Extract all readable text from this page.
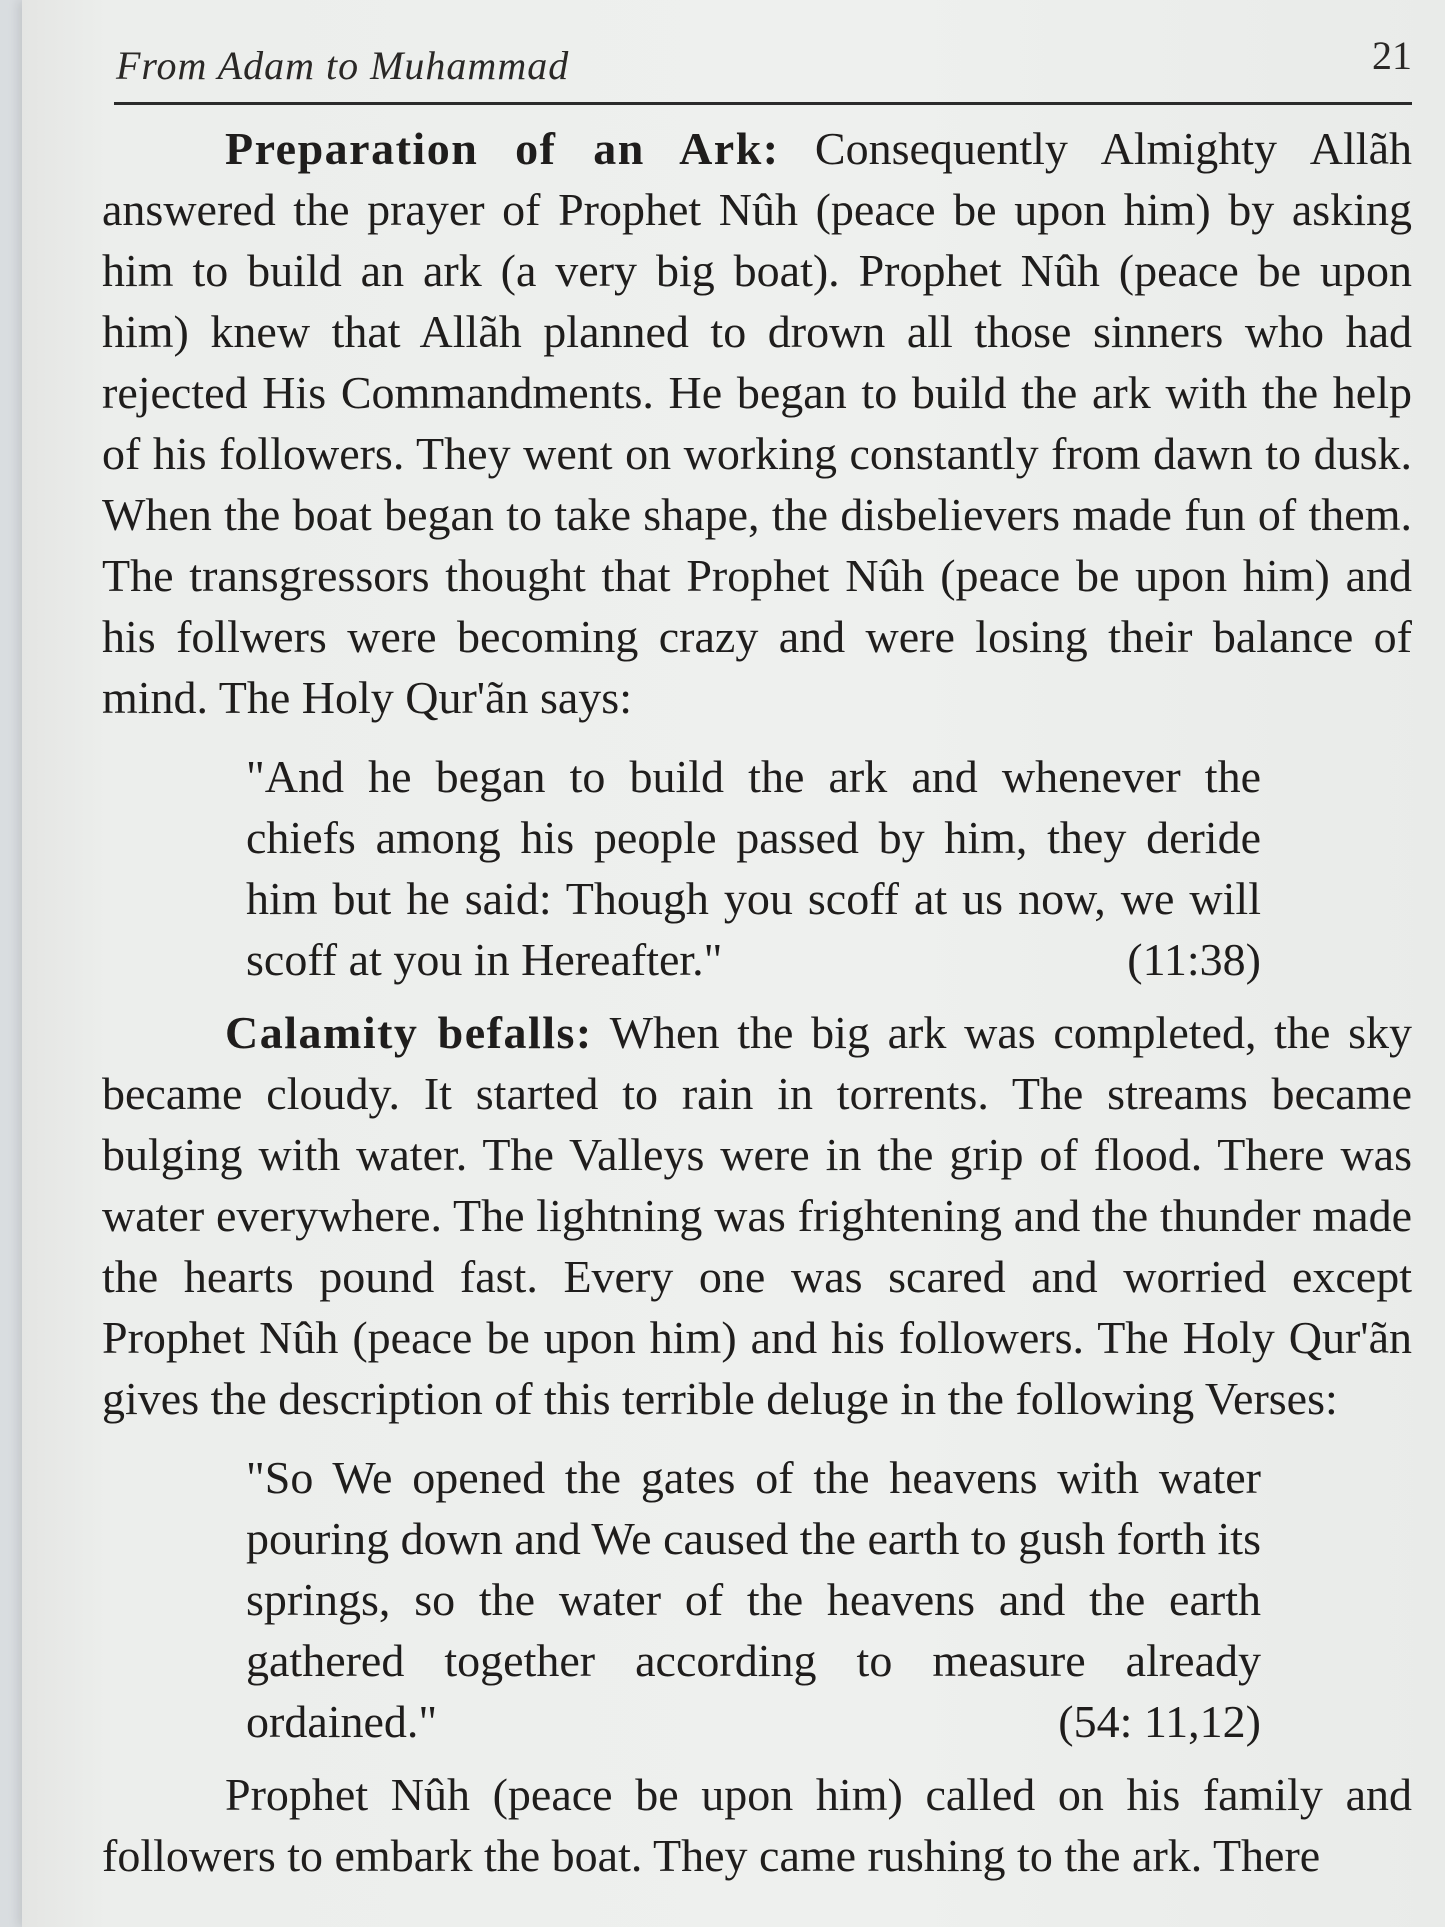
From Adam to Muhammad	21

Preparation of an Ark: Consequently Almighty Allãh answered the prayer of Prophet Nûh (peace be upon him) by asking him to build an ark (a very big boat). Prophet Nûh (peace be upon him) knew that Allãh planned to drown all those sinners who had rejected His Commandments. He began to build the ark with the help of his followers. They went on working constantly from dawn to dusk. When the boat began to take shape, the disbelievers made fun of them. The transgressors thought that Prophet Nûh (peace be upon him) and his follwers were becoming crazy and were losing their balance of mind. The Holy Qur'ãn says:

"And he began to build the ark and whenever the chiefs among his people passed by him, they deride him but he said: Though you scoff at us now, we will scoff at you in Hereafter."	(11:38)

Calamity befalls: When the big ark was completed, the sky became cloudy. It started to rain in torrents. The streams became bulging with water. The Valleys were in the grip of flood. There was water everywhere. The lightning was frightening and the thunder made the hearts pound fast. Every one was scared and worried except Prophet Nûh (peace be upon him) and his followers. The Holy Qur'ãn gives the description of this terrible deluge in the following Verses:

"So We opened the gates of the heavens with water pouring down and We caused the earth to gush forth its springs, so the water of the heavens and the earth gathered together according to measure already ordained."	(54: 11,12)

Prophet Nûh (peace be upon him) called on his family and followers to embark the boat. They came rushing to the ark. There
